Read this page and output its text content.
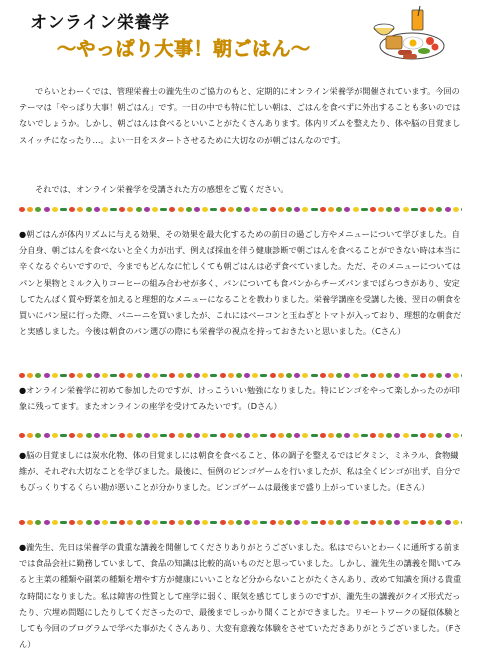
オンライン栄養学
～やっぱり大事！朝ごはん～

でらいとわーくでは、管理栄養士の瀧先生のご協力のもと、定期的にオンライン栄養学が開催されています。今回のテーマは「やっぱり大事！朝ごはん」です。一日の中でも特に忙しい朝は、ごはんを食べずに外出することも多いのではないでしょうか。しかし、朝ごはんは食べるといいことがたくさんあります。体内リズムを整えたり、体や脳の目覚ましスイッチになったり…。よい一日をスタートさせるために大切なのが朝ごはんなのです。

それでは、オンライン栄養学を受講された方の感想をご覧ください。

●朝ごはんが体内リズムに与える効果、その効果を最大化するための前日の過ごし方やメニューについて学びました。自分自身、朝ごはんを食べないと全く力が出ず、例えば採血を伴う健康診断で朝ごはんを食べることができない時は本当に辛くなるぐらいですので、今までもどんなに忙しくても朝ごはんは必ず食べていました。ただ、そのメニューについてはパンと果物とミルク入りコーヒーの組み合わせが多く、パンについても食パンからチーズパンまでばらつきがあり、安定してたんぱく質や野菜を加えると理想的なメニューになることを教わりました。栄養学講座を受講した後、翌日の朝食を買いにパン屋に行った際、パニーニを買いましたが、これにはベーコンと玉ねぎとトマトが入っており、理想的な朝食だと実感しました。今後は朝食のパン選びの際にも栄養学の視点を持っておきたいと思いました。（Cさん）

●オンライン栄養学に初めて参加したのですが、けっこういい勉強になりました。特にビンゴをやって楽しかったのが印象に残ってます。またオンラインの座学を受けてみたいです。（Dさん）

●脳の目覚ましには炭水化物、体の目覚ましには朝食を食べること、体の調子を整えるではビタミン、ミネラル、食物繊維が、それぞれ大切なことを学びました。最後に、恒例のビンゴゲームを行いましたが、私は全くビンゴが出ず、自分でもびっくりするくらい勘が悪いことが分かりました。ビンゴゲームは最後まで盛り上がっていました。（Eさん）

●瀧先生、先日は栄養学の貴重な講義を開催してくださりありがとうございました。私はでらいとわーくに通所する前までは食品会社に勤務していまして、食品の知識は比較的高いものだと思っていました。しかし、瀧先生の講義を聞いてみると主菜の種類や副菜の種類を増やす方が健康にいいことなど分からないことがたくさんあり、改めて知識を頂ける貴重な時間になりました。私は障害の性質として座学に弱く、眠気を感じてしまうのですが、瀧先生の講義がクイズ形式だったり、穴埋め問題にしたりしてくださったので、最後までしっかり聞くことができました。リモートワークの疑似体験としても今回のプログラムで学べた事がたくさんあり、大変有意義な体験をさせていただきありがとうございました。（Fさん）
